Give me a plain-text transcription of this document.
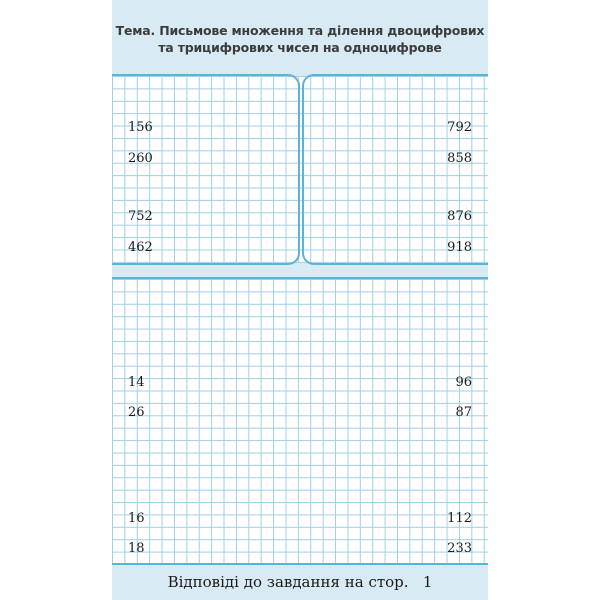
Тема. Письмове множення та ділення двоцифрових
та трицифрових чисел на одноцифрове
156
260
752
462
792
858
876
918
14
26
16
18
96
87
112
233
Відповіді до завдання на стор.
1
